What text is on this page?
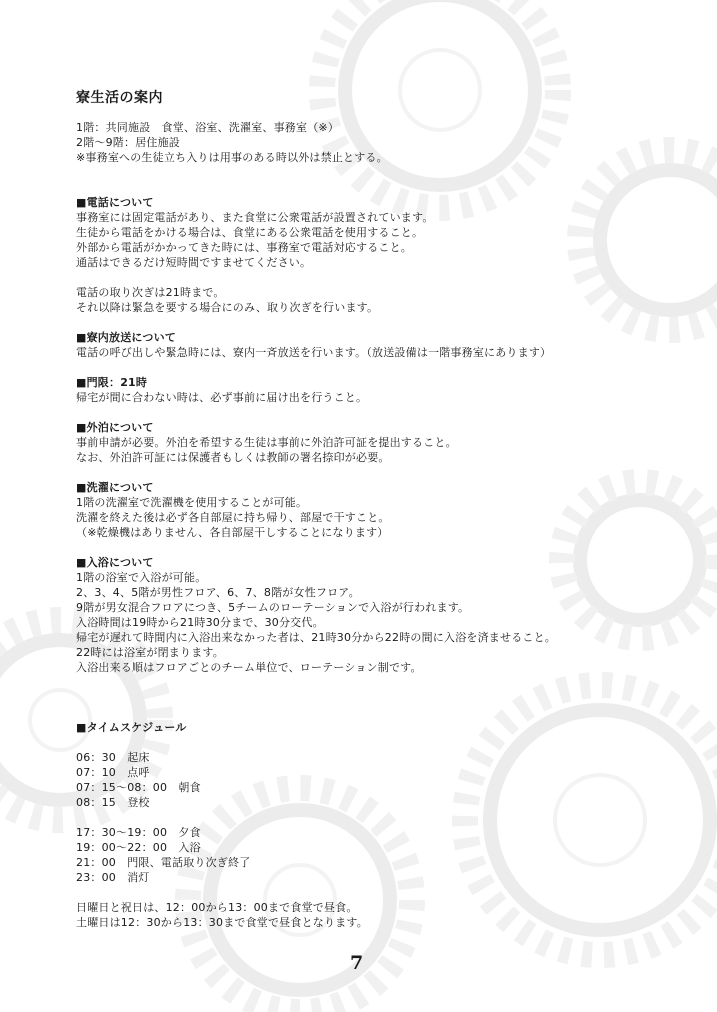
寮生活の案内
1階：共同施設　食堂、浴室、洗濯室、事務室（※）
2階～9階：居住施設
※事務室への生徒立ち入りは用事のある時以外は禁止とする。
■電話について
事務室には固定電話があり、また食堂に公衆電話が設置されています。
生徒から電話をかける場合は、食堂にある公衆電話を使用すること。
外部から電話がかかってきた時には、事務室で電話対応すること。
通話はできるだけ短時間ですませてください。
電話の取り次ぎは21時まで。
それ以降は緊急を要する場合にのみ、取り次ぎを行います。
■寮内放送について
電話の呼び出しや緊急時には、寮内一斉放送を行います。（放送設備は一階事務室にあります）
■門限：21時
帰宅が間に合わない時は、必ず事前に届け出を行うこと。
■外泊について
事前申請が必要。外泊を希望する生徒は事前に外泊許可証を提出すること。
なお、外泊許可証には保護者もしくは教師の署名捺印が必要。
■洗濯について
1階の洗濯室で洗濯機を使用することが可能。
洗濯を終えた後は必ず各自部屋に持ち帰り、部屋で干すこと。
（※乾燥機はありません、各自部屋干しすることになります）
■入浴について
1階の浴室で入浴が可能。
2、3、4、5階が男性フロア、6、7、8階が女性フロア。
9階が男女混合フロアにつき、5チームのローテーションで入浴が行われます。
入浴時間は19時から21時30分まで、30分交代。
帰宅が遅れて時間内に入浴出来なかった者は、21時30分から22時の間に入浴を済ませること。
22時には浴室が閉まります。
入浴出来る順はフロアごとのチーム単位で、ローテーション制です。
■タイムスケジュール
06：30　起床
07：10　点呼
07：15～08：00　朝食
08：15　登校
17：30～19：00　夕食
19：00～22：00　入浴
21：00　門限、電話取り次ぎ終了
23：00　消灯
日曜日と祝日は、12：00から13：00まで食堂で昼食。
土曜日は12：30から13：30まで食堂で昼食となります。
7
